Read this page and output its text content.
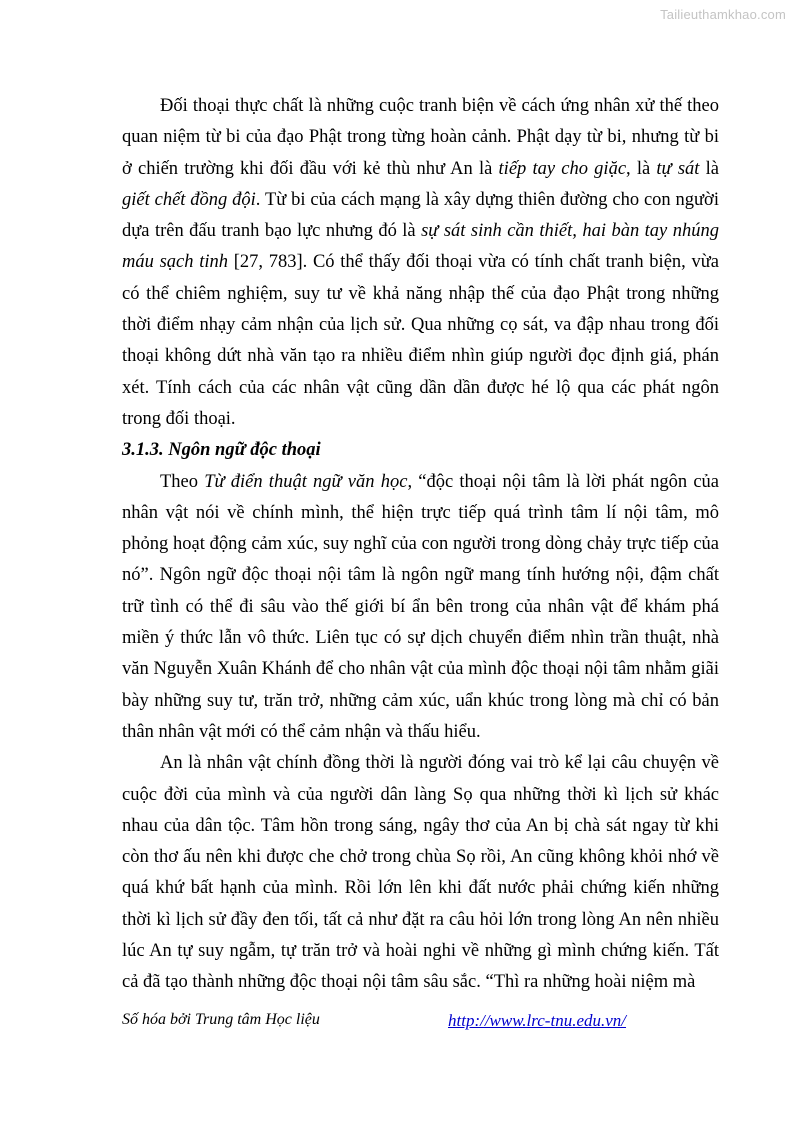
Tailieuthamkhao.com

Đối thoại thực chất là những cuộc tranh biện về cách ứng nhân xử thế theo quan niệm từ bi của đạo Phật trong từng hoàn cảnh. Phật dạy từ bi, nhưng từ bi ở chiến trường khi đối đầu với kẻ thù như An là tiếp tay cho giặc, là tự sát là giết chết đồng đội. Từ bi của cách mạng là xây dựng thiên đường cho con người dựa trên đấu tranh bạo lực nhưng đó là sự sát sinh cần thiết, hai bàn tay nhúng máu sạch tinh [27, 783]. Có thể thấy đối thoại vừa có tính chất tranh biện, vừa có thể chiêm nghiệm, suy tư về khả năng nhập thế của đạo Phật trong những thời điểm nhạy cảm nhận của lịch sử. Qua những cọ sát, va đập nhau trong đối thoại không dứt nhà văn tạo ra nhiều điểm nhìn giúp người đọc định giá, phán xét. Tính cách của các nhân vật cũng dần dần được hé lộ qua các phát ngôn trong đối thoại.

3.1.3. Ngôn ngữ độc thoại

Theo Từ điển thuật ngữ văn học, “độc thoại nội tâm là lời phát ngôn của nhân vật nói về chính mình, thể hiện trực tiếp quá trình tâm lí nội tâm, mô phỏng hoạt động cảm xúc, suy nghĩ của con người trong dòng chảy trực tiếp của nó”. Ngôn ngữ độc thoại nội tâm là ngôn ngữ mang tính hướng nội, đậm chất trữ tình có thể đi sâu vào thế giới bí ẩn bên trong của nhân vật để khám phá miền ý thức lẫn vô thức. Liên tục có sự dịch chuyển điểm nhìn trần thuật, nhà văn Nguyễn Xuân Khánh để cho nhân vật của mình độc thoại nội tâm nhằm giãi bày những suy tư, trăn trở, những cảm xúc, uẩn khúc trong lòng mà chỉ có bản thân nhân vật mới có thể cảm nhận và thấu hiểu.

An là nhân vật chính đồng thời là người đóng vai trò kể lại câu chuyện về cuộc đời của mình và của người dân làng Sọ qua những thời kì lịch sử khác nhau của dân tộc. Tâm hồn trong sáng, ngây thơ của An bị chà sát ngay từ khi còn thơ ấu nên khi được che chở trong chùa Sọ rồi, An cũng không khỏi nhớ về quá khứ bất hạnh của mình. Rồi lớn lên khi đất nước phải chứng kiến những thời kì lịch sử đầy đen tối, tất cả như đặt ra câu hỏi lớn trong lòng An nên nhiều lúc An tự suy ngẫm, tự trăn trở và hoài nghi về những gì mình chứng kiến. Tất cả đã tạo thành những độc thoại nội tâm sâu sắc. “Thì ra những hoài niệm mà

Số hóa bởi Trung tâm Học liệu	http://www.lrc-tnu.edu.vn/
